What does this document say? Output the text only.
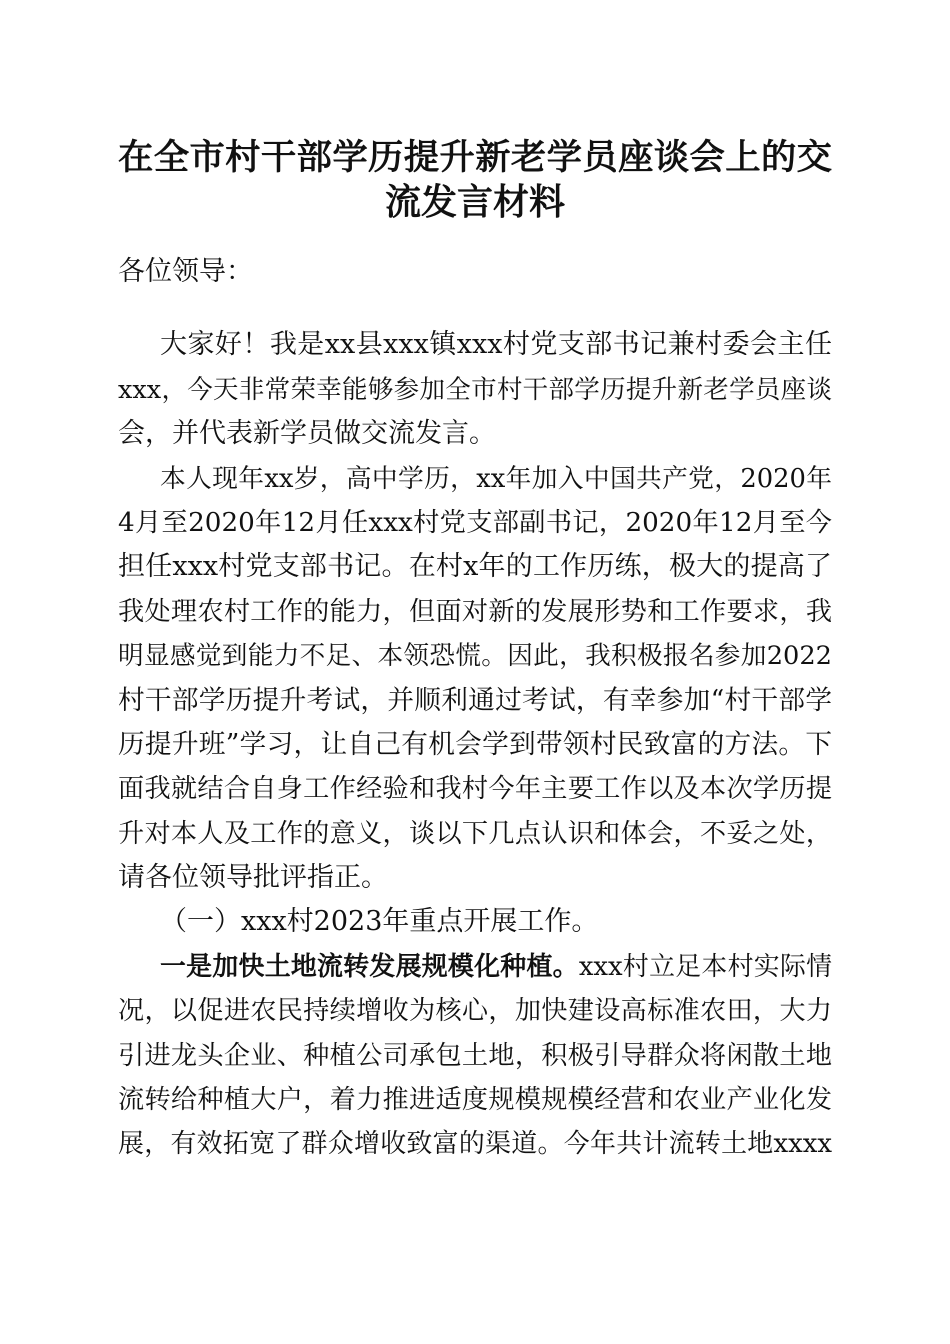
在全市村干部学历提升新老学员座谈会上的交
流发言材料
各位领导：
大家好！我是xx县xxx镇xxx村党支部书记兼村委会主任
xxx，今天非常荣幸能够参加全市村干部学历提升新老学员座谈
会，并代表新学员做交流发言。
本人现年xx岁，高中学历，xx年加入中国共产党，2020年
4月至2020年12月任xxx村党支部副书记，2020年12月至今
担任xxx村党支部书记。在村x年的工作历练，极大的提高了
我处理农村工作的能力，但面对新的发展形势和工作要求，我
明显感觉到能力不足、本领恐慌。因此，我积极报名参加2022
村干部学历提升考试，并顺利通过考试，有幸参加“村干部学
历提升班”学习，让自己有机会学到带领村民致富的方法。下
面我就结合自身工作经验和我村今年主要工作以及本次学历提
升对本人及工作的意义，谈以下几点认识和体会，不妥之处，
请各位领导批评指正。
（一）xxx村2023年重点开展工作。
一是加快土地流转发展规模化种植。xxx村立足本村实际情
况，以促进农民持续增收为核心，加快建设高标准农田，大力
引进龙头企业、种植公司承包土地，积极引导群众将闲散土地
流转给种植大户，着力推进适度规模规模经营和农业产业化发
展，有效拓宽了群众增收致富的渠道。今年共计流转土地xxxx
